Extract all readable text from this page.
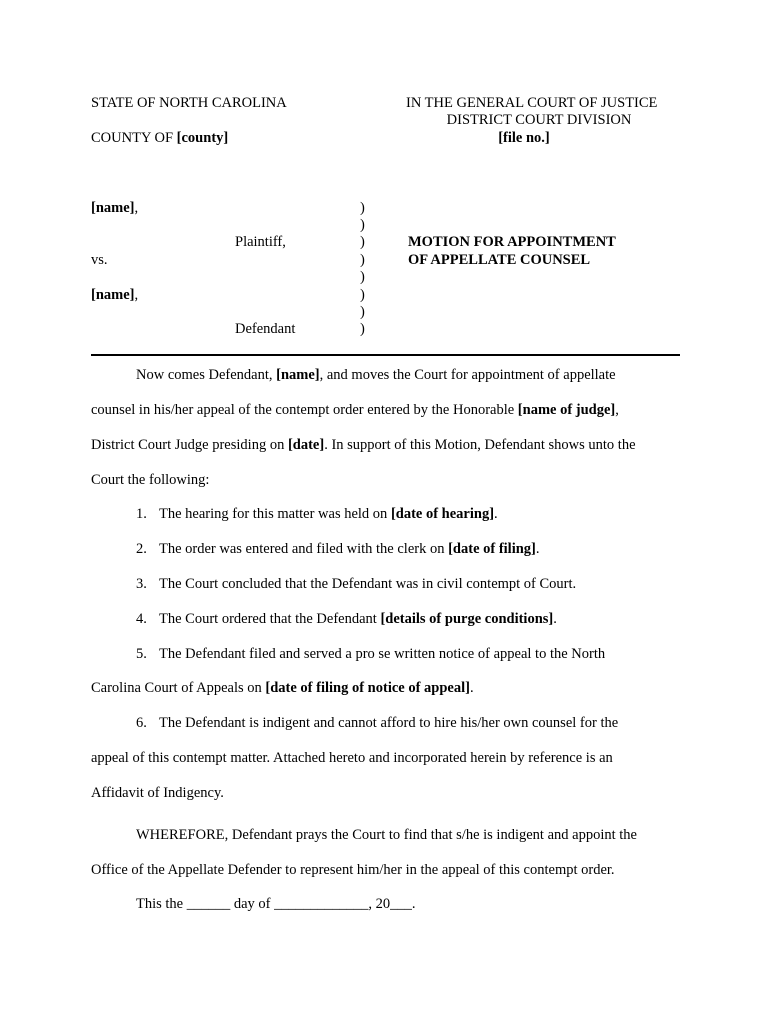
STATE OF NORTH CAROLINA
COUNTY OF [county]
IN THE GENERAL COURT OF JUSTICE
DISTRICT COURT DIVISION
[file no.]
[name],
Plaintiff,
vs.
[name],
Defendant
)
)
)
)
)
)
)
)
MOTION FOR APPOINTMENT
OF APPELLATE COUNSEL
Now comes Defendant, [name], and moves the Court for appointment of appellate
counsel in his/her appeal of the contempt order entered by the Honorable [name of judge],
District Court Judge presiding on [date]. In support of this Motion, Defendant shows unto the
Court the following:
1. The hearing for this matter was held on [date of hearing].
2. The order was entered and filed with the clerk on [date of filing].
3. The Court concluded that the Defendant was in civil contempt of Court.
4. The Court ordered that the Defendant [details of purge conditions].
5. The Defendant filed and served a pro se written notice of appeal to the North
Carolina Court of Appeals on [date of filing of notice of appeal].
6. The Defendant is indigent and cannot afford to hire his/her own counsel for the
appeal of this contempt matter. Attached hereto and incorporated herein by reference is an
Affidavit of Indigency.
WHEREFORE, Defendant prays the Court to find that s/he is indigent and appoint the
Office of the Appellate Defender to represent him/her in the appeal of this contempt order.
This the ______ day of _____________, 20___.
